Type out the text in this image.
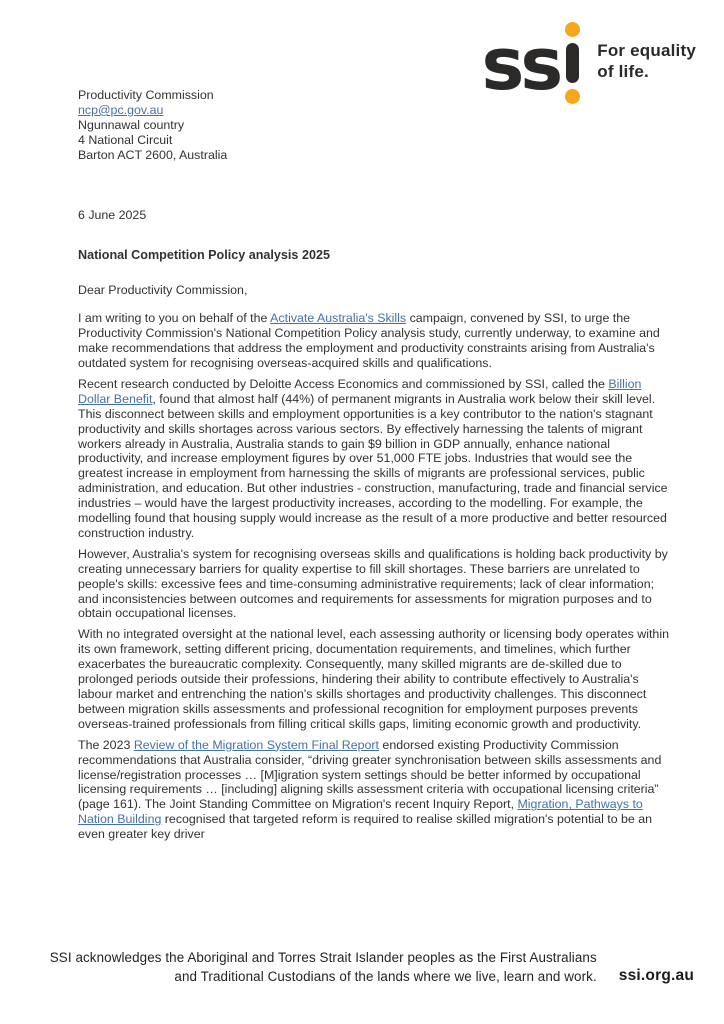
ss For equality
of life.
Productivity Commission
ncp@pc.gov.au
Ngunnawal country
4 National Circuit
Barton ACT 2600, Australia
6 June 2025
National Competition Policy analysis 2025
Dear Productivity Commission,

I am writing to you on behalf of the Activate Australia's Skills campaign, convened by SSI, to urge the Productivity Commission's National Competition Policy analysis study, currently underway, to examine and make recommendations that address the employment and productivity constraints arising from Australia's outdated system for recognising overseas-acquired skills and qualifications.

Recent research conducted by Deloitte Access Economics and commissioned by SSI, called the Billion Dollar Benefit, found that almost half (44%) of permanent migrants in Australia work below their skill level. This disconnect between skills and employment opportunities is a key contributor to the nation's stagnant productivity and skills shortages across various sectors. By effectively harnessing the talents of migrant workers already in Australia, Australia stands to gain $9 billion in GDP annually, enhance national productivity, and increase employment figures by over 51,000 FTE jobs. Industries that would see the greatest increase in employment from harnessing the skills of migrants are professional services, public administration, and education. But other industries - construction, manufacturing, trade and financial service industries – would have the largest productivity increases, according to the modelling. For example, the modelling found that housing supply would increase as the result of a more productive and better resourced construction industry.

However, Australia's system for recognising overseas skills and qualifications is holding back productivity by creating unnecessary barriers for quality expertise to fill skill shortages. These barriers are unrelated to people's skills: excessive fees and time-consuming administrative requirements; lack of clear information; and inconsistencies between outcomes and requirements for assessments for migration purposes and to obtain occupational licenses.

With no integrated oversight at the national level, each assessing authority or licensing body operates within its own framework, setting different pricing, documentation requirements, and timelines, which further exacerbates the bureaucratic complexity. Consequently, many skilled migrants are de-skilled due to prolonged periods outside their professions, hindering their ability to contribute effectively to Australia's labour market and entrenching the nation's skills shortages and productivity challenges. This disconnect between migration skills assessments and professional recognition for employment purposes prevents overseas-trained professionals from filling critical skills gaps, limiting economic growth and productivity.

The 2023 Review of the Migration System Final Report endorsed existing Productivity Commission recommendations that Australia consider, “driving greater synchronisation between skills assessments and license/registration processes … [M]igration system settings should be better informed by occupational licensing requirements … [including] aligning skills assessment criteria with occupational licensing criteria” (page 161). The Joint Standing Committee on Migration's recent Inquiry Report, Migration, Pathways to Nation Building recognised that targeted reform is required to realise skilled migration's potential to be an even greater key driver

SSI acknowledges the Aboriginal and Torres Strait Islander peoples as the First Australians
and Traditional Custodians of the lands where we live, learn and work. ssi.org.au
